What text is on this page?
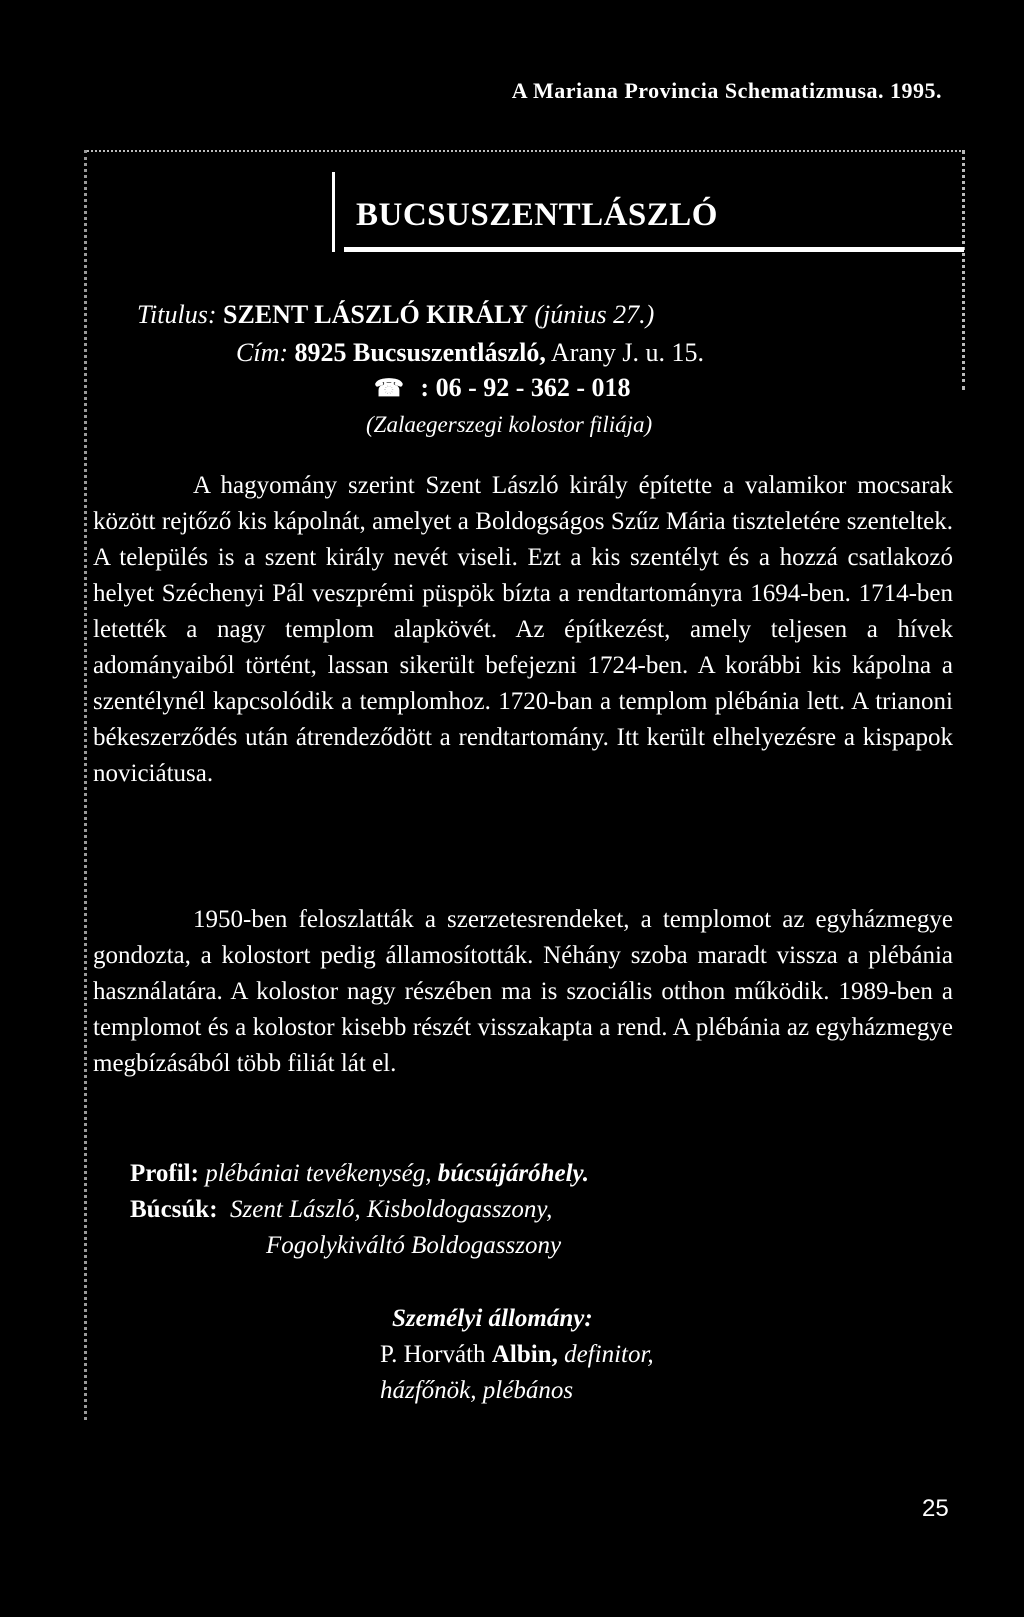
A Mariana Provincia Schematizmusa. 1995.
BUCSUSZENTLÁSZLÓ
Titulus: SZENT LÁSZLÓ KIRÁLY (június 27.)
Cím: 8925 Bucsuszentlászló, Arany J. u. 15.
☎ : 06 - 92 - 362 - 018
(Zalaegerszegi kolostor filiája)
A hagyomány szerint Szent László király építette a valamikor mocsarak között rejtőző kis kápolnát, amelyet a Boldogságos Szűz Mária tiszteletére szenteltek. A település is a szent király nevét viseli. Ezt a kis szentélyt és a hozzá csatlakozó helyet Széchenyi Pál veszprémi püspök bízta a rendtartományra 1694-ben. 1714-ben letették a nagy templom alapkövét. Az építkezést, amely teljesen a hívek adományaiból történt, lassan sikerült befejezni 1724-ben. A korábbi kis kápolna a szentélynél kapcsolódik a templomhoz. 1720-ban a templom plébánia lett. A trianoni békeszerződés után átrendeződött a rendtartomány. Itt került elhelyezésre a kispapok noviciátusa.
1950-ben feloszlatták a szerzetesrendeket, a templomot az egyházmegye gondozta, a kolostort pedig államosították. Néhány szoba maradt vissza a plébánia használatára. A kolostor nagy részében ma is szociális otthon működik. 1989-ben a templomot és a kolostor kisebb részét visszakapta a rend. A plébánia az egyházmegye megbízásából több filiát lát el.
Profil: plébániai tevékenység, búcsújáróhely.
Búcsúk: Szent László, Kisboldogasszony,
Fogolykiváltó Boldogasszony
Személyi állomány:
P. Horváth Albin, definitor,
házfőnök, plébános
25
